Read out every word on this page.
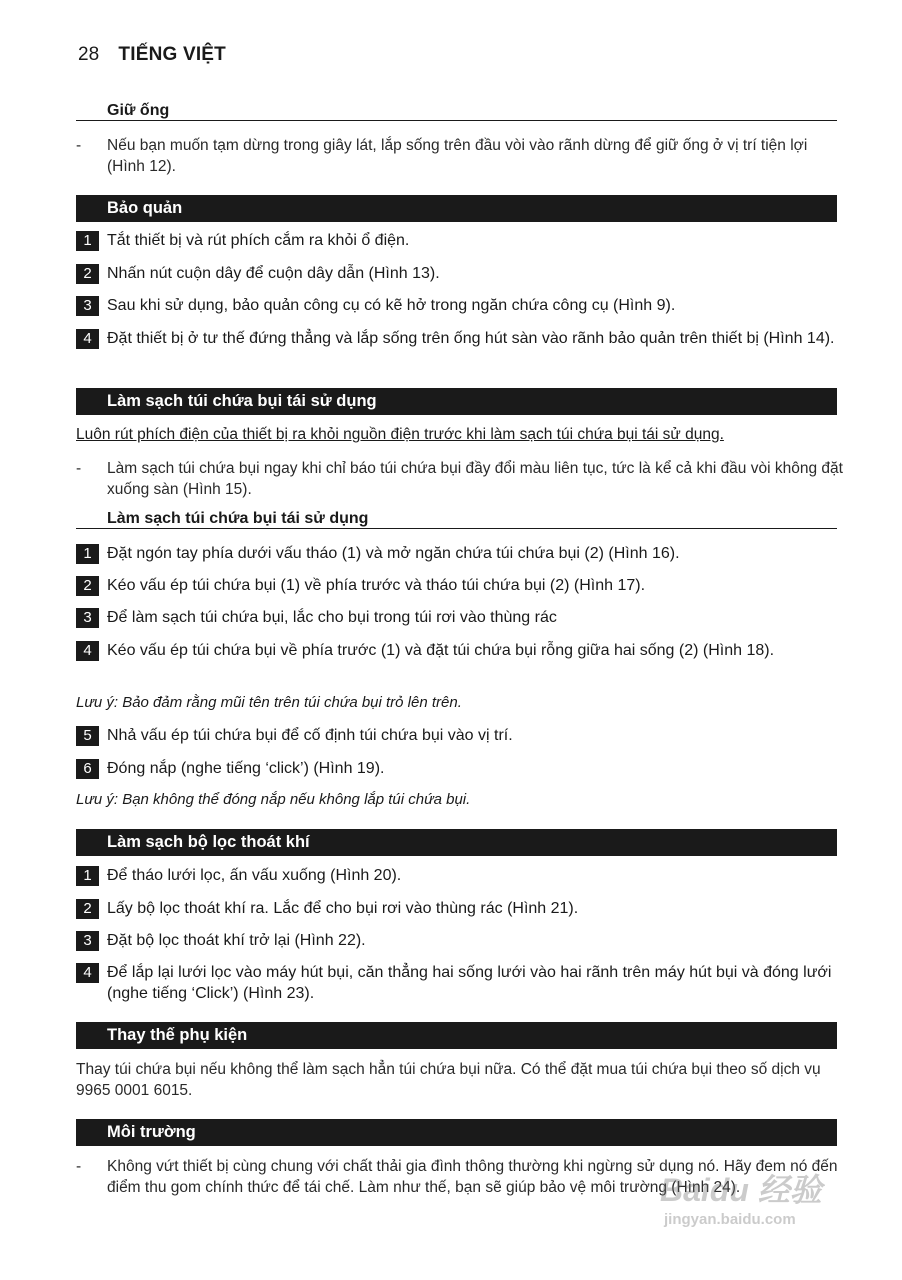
28 TIẾNG VIỆT
Giữ ống
- Nếu bạn muốn tạm dừng trong giây lát, lắp sống trên đầu vòi vào rãnh dừng để giữ ống ở vị trí tiện lợi (Hình 12).
Bảo quản
1 Tắt thiết bị và rút phích cắm ra khỏi ổ điện.
2 Nhấn nút cuộn dây để cuộn dây dẫn (Hình 13).
3 Sau khi sử dụng, bảo quản công cụ có kẽ hở trong ngăn chứa công cụ (Hình 9).
4 Đặt thiết bị ở tư thế đứng thẳng và lắp sống trên ống hút sàn vào rãnh bảo quản trên thiết bị (Hình 14).
Làm sạch túi chứa bụi tái sử dụng
Luôn rút phích điện của thiết bị ra khỏi nguồn điện trước khi làm sạch túi chứa bụi tái sử dụng.
- Làm sạch túi chứa bụi ngay khi chỉ báo túi chứa bụi đầy đổi màu liên tục, tức là kể cả khi đầu vòi không đặt xuống sàn (Hình 15).
Làm sạch túi chứa bụi tái sử dụng
1 Đặt ngón tay phía dưới vấu tháo (1) và mở ngăn chứa túi chứa bụi (2) (Hình 16).
2 Kéo vấu ép túi chứa bụi (1) về phía trước và tháo túi chứa bụi (2) (Hình 17).
3 Để làm sạch túi chứa bụi, lắc cho bụi trong túi rơi vào thùng rác
4 Kéo vấu ép túi chứa bụi về phía trước (1) và đặt túi chứa bụi rỗng giữa hai sống (2) (Hình 18).
Lưu ý: Bảo đảm rằng mũi tên trên túi chứa bụi trỏ lên trên.
5 Nhả vấu ép túi chứa bụi để cố định túi chứa bụi vào vị trí.
6 Đóng nắp (nghe tiếng ‘click’) (Hình 19).
Lưu ý: Bạn không thể đóng nắp nếu không lắp túi chứa bụi.
Làm sạch bộ lọc thoát khí
1 Để tháo lưới lọc, ấn vấu xuống (Hình 20).
2 Lấy bộ lọc thoát khí ra. Lắc để cho bụi rơi vào thùng rác (Hình 21).
3 Đặt bộ lọc thoát khí trở lại (Hình 22).
4 Để lắp lại lưới lọc vào máy hút bụi, căn thẳng hai sống lưới vào hai rãnh trên máy hút bụi và đóng lưới (nghe tiếng ‘Click’) (Hình 23).
Thay thế phụ kiện
Thay túi chứa bụi nếu không thể làm sạch hẳn túi chứa bụi nữa. Có thể đặt mua túi chứa bụi theo số dịch vụ 9965 0001 6015.
Môi trường
- Không vứt thiết bị cùng chung với chất thải gia đình thông thường khi ngừng sử dụng nó. Hãy đem nó đến điểm thu gom chính thức để tái chế. Làm như thế, bạn sẽ giúp bảo vệ môi trường (Hình 24).
Baidu 经验
jingyan.baidu.com
